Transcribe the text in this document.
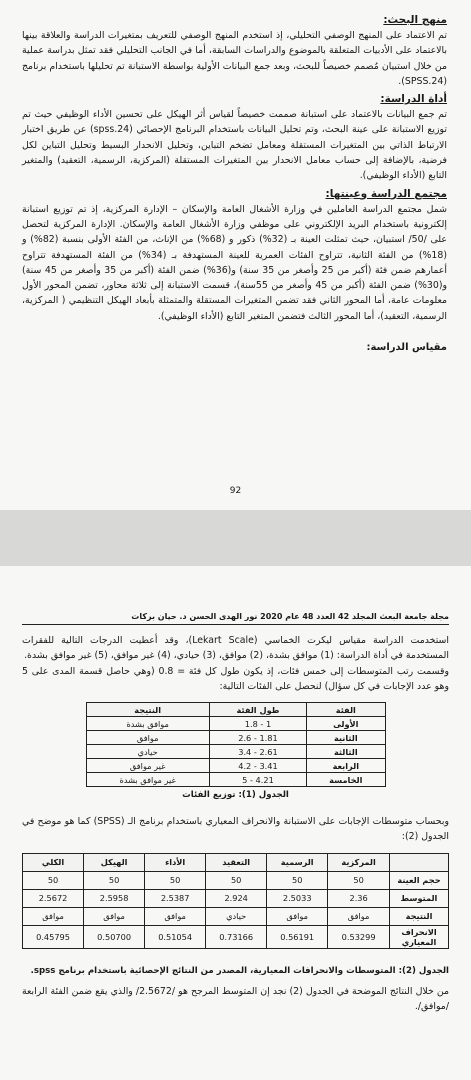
منهج البحث:

تم الاعتماد على المنهج الوصفي التحليلي، إذ استخدم المنهج الوصفي للتعريف بمتغيرات الدراسة والعلاقة بينها بالاعتماد على الأدبيات المتعلقة بالموضوع والدراسات السابقة، أما في الجانب التحليلي فقد تمثل بدراسة عملية من خلال استبيان مُصمم خصيصاً للبحث، وبعد جمع البيانات الأولية بواسطة الاستبانة تم تحليلها باستخدام برنامج (SPSS.24).

أداة الدراسة:

تم جمع البيانات بالاعتماد على استبانة صممت خصيصاً لقياس أثر الهيكل على تحسين الأداء الوظيفي حيث تم توزيع الاستبانة على عينة البحث، وتم تحليل البيانات باستخدام البرنامج الإحصائي (spss.24) عن طريق اختبار الارتباط الذاتي بين المتغيرات المستقلة ومعامل تضخم التباين، وتحليل الانحدار البسيط وتحليل التباين لكل فرضية، بالإضافة إلى حساب معامل الانحدار بين المتغيرات المستقلة (المركزية، الرسمية، التعقيد) والمتغير التابع (الأداء الوظيفي).

مجتمع الدراسة وعينتها:

شمل مجتمع الدراسة العاملين في وزارة الأشغال العامة والإسكان – الإدارة المركزية، إذ تم توزيع استبانة إلكترونية باستخدام البريد الإلكتروني على موظفي وزارة الأشغال العامة والإسكان. الإدارة المركزية لتحصل على /50/ استبيان، حيث تمثلت العينة بـ (32%) ذكور و (68%) من الإناث، من الفئة الأولى بنسبة (82%) و (18%) من الفئة الثانية، تتراوح الفئات العمرية للعينة المستهدفة بـ (34%) من الفئة المستهدفة تتراوح أعمارهم ضمن فئة (أكبر من 25 وأصغر من 35 سنة) و(36%) ضمن الفئة (أكبر من 35 وأصغر من 45 سنة) و(30%) ضمن الفئة (أكبر من 45 وأصغر من 55سنة)، قسمت الاستبانة إلى ثلاثة محاور، تضمن المحور الأول معلومات عامة، أما المحور الثاني فقد تضمن المتغيرات المستقلة والمتمثلة بأبعاد الهيكل التنظيمي ( المركزية، الرسمية، التعقيد)، أما المحور الثالث فتضمن المتغير التابع (الأداء الوظيفي).

مقياس الدراسة:
92
مجلة جامعة البعث المجلد 42 العدد 48 عام 2020 نور الهدى الحسن د. حيان بركات

استخدمت الدراسة مقياس ليكرت الخماسي (Lekart Scale)، وقد أعطيت الدرجات التالية للفقرات المستخدمة في أداة الدراسة: (1) موافق بشدة، (2) موافق، (3) حيادي، (4) غير موافق، (5) غير موافق بشدة.

وقسمت رتب المتوسطات إلى خمس فئات، إذ يكون طول كل فئة = 0.8 (وهي حاصل قسمة المدى على 5 وهو عدد الإجابات في كل سؤال) لنحصل على الفئات التالية:

الفئة	طول الفئة	النتيجة
الأولى	1 - 1.8	موافق بشدة
الثانية	1.81 - 2.6	موافق
الثالثة	2.61 - 3.4	حيادي
الرابعة	3.41 - 4.2	غير موافق
الخامسة	4.21 - 5	غير موافق بشدة
الجدول (1): توزيع الفئات

وبحساب متوسطات الإجابات على الاستبانة والانحراف المعياري باستخدام برنامج الـ (SPSS) كما هو موضح في الجدول (2):

	المركزية	الرسمية	التعقيد	الأداء	الهيكل	الكلي
حجم العينة	50	50	50	50	50	50
المتوسط	2.36	2.5033	2.924	2.5387	2.5958	2.5672
النتيجة	موافق	موافق	حيادي	موافق	موافق	موافق
الانحراف المعياري	0.53299	0.56191	0.73166	0.51054	0.50700	0.45795
الجدول (2): المتوسطات والانحرافات المعيارية، المصدر من النتائج الإحصائية باستخدام برنامج spss.

من خلال النتائج الموضحة في الجدول (2) نجد إن المتوسط المرجح هو /2.5672/ والذي يقع ضمن الفئة الرابعة /موافق/.
